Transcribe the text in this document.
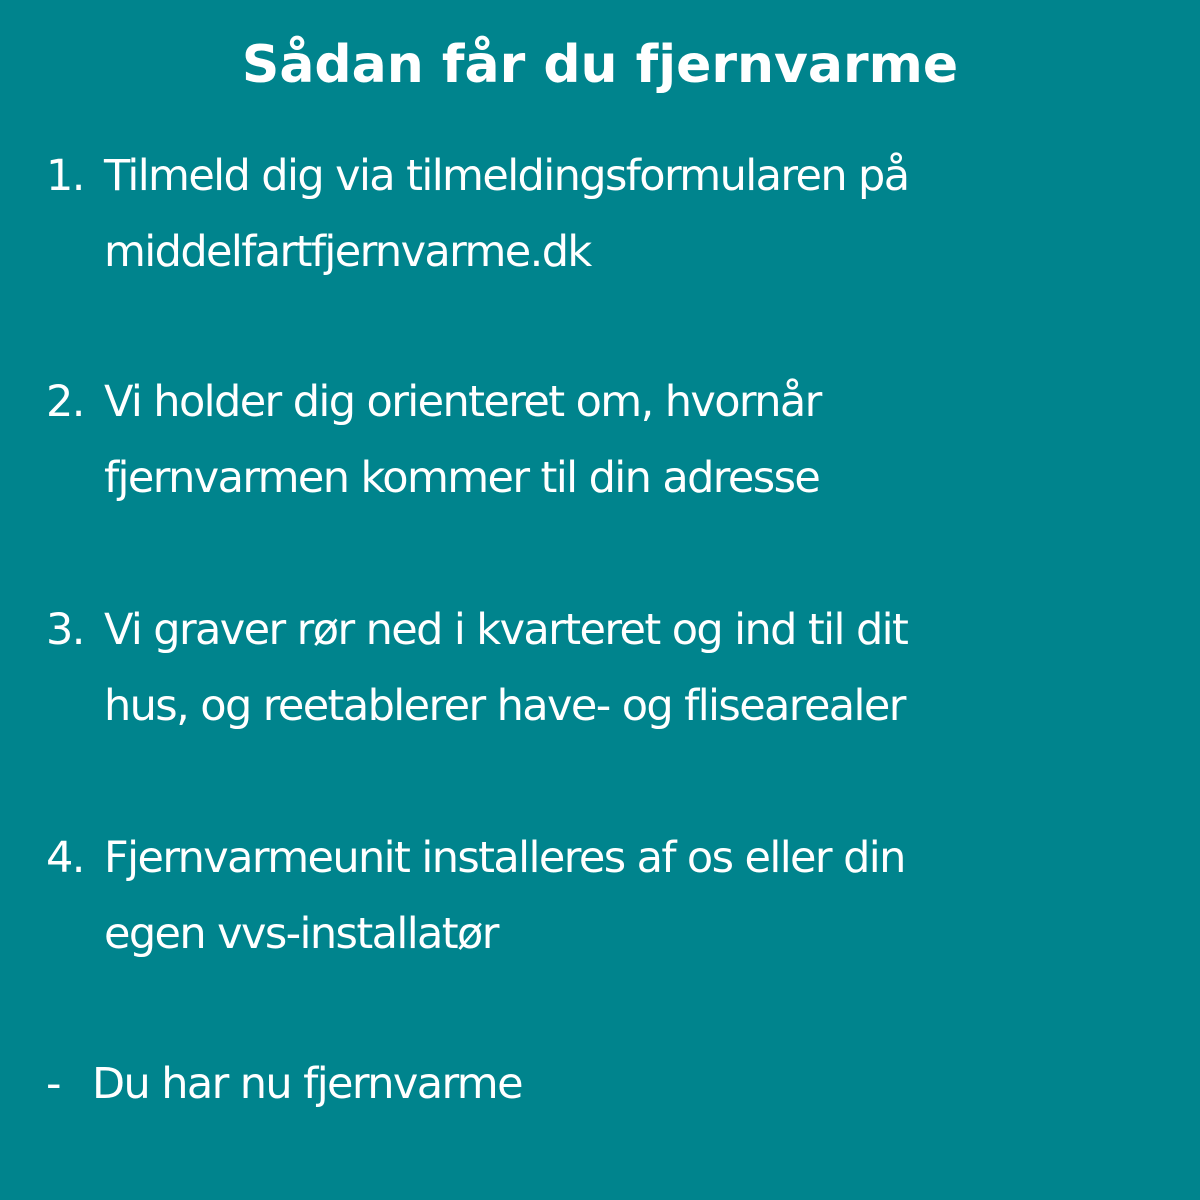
Sådan får du fjernvarme
1. Tilmeld dig via tilmeldingsformularen på
middelfartfjernvarme.dk
2. Vi holder dig orienteret om, hvornår
fjernvarmen kommer til din adresse
3. Vi graver rør ned i kvarteret og ind til dit
hus, og reetablerer have- og flisearealer
4. Fjernvarmeunit installeres af os eller din
egen vvs-installatør
- Du har nu fjernvarme
